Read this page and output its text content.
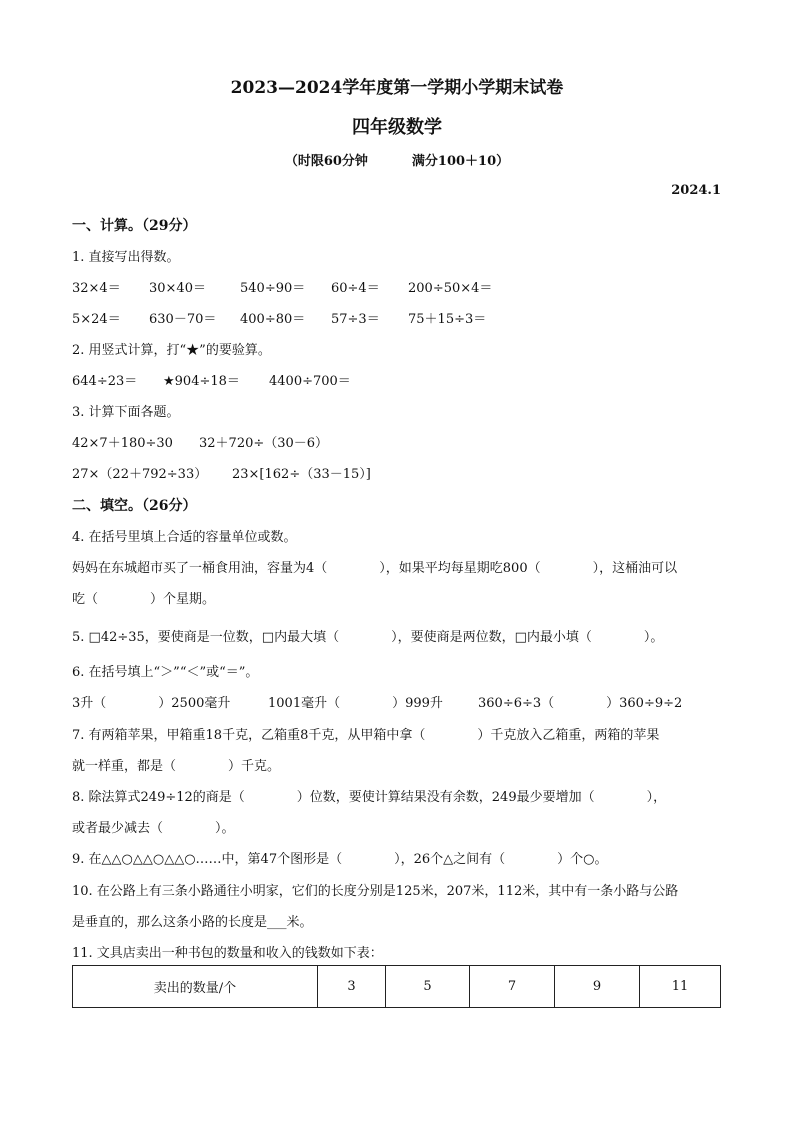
2023—2024学年度第一学期小学期末试卷
四年级数学
（时限60分钟	满分100＋10）
2024.1
一、计算。（29分）
1. 直接写出得数。
32×4＝ 30×40＝	540÷90＝ 60÷4＝ 200÷50×4＝
5×24＝ 630－70＝ 400÷80＝ 57÷3＝ 75＋15÷3＝
2. 用竖式计算，打“★”的要验算。
644÷23＝ ★904÷18＝ 4400÷700＝
3. 计算下面各题。
42×7＋180÷30 32＋720÷（30－6）
27×（22＋792÷33） 23×[162÷（33－15）]
二、填空。（26分）
4. 在括号里填上合适的容量单位或数。
妈妈在东城超市买了一桶食用油，容量为4（　　　　），如果平均每星期吃800（　　　　），这桶油可以
吃（　　　　）个星期。
5. □42÷35，要使商是一位数，□内最大填（　　　　），要使商是两位数，□内最小填（　　　　）。
6. 在括号填上“＞”“＜”或“＝”。
3升（　　　　）2500毫升	1001毫升（　　　　）999升	360÷6÷3（　　　　）360÷9÷2
7. 有两箱苹果，甲箱重18千克，乙箱重8千克，从甲箱中拿（　　　　）千克放入乙箱重，两箱的苹果
就一样重，都是（　　　　）千克。
8. 除法算式249÷12的商是（　　　　）位数，要使计算结果没有余数，249最少要增加（　　　　），
或者最少减去（　　　　）。
9. 在△△○△△○△△○……中，第47个图形是（　　　　），26个△之间有（　　　　）个○。
10. 在公路上有三条小路通往小明家，它们的长度分别是125米，207米，112米，其中有一条小路与公路
是垂直的，那么这条小路的长度是___米。
11. 文具店卖出一种书包的数量和收入的钱数如下表：
卖出的数量/个	3	5	7	9	11
